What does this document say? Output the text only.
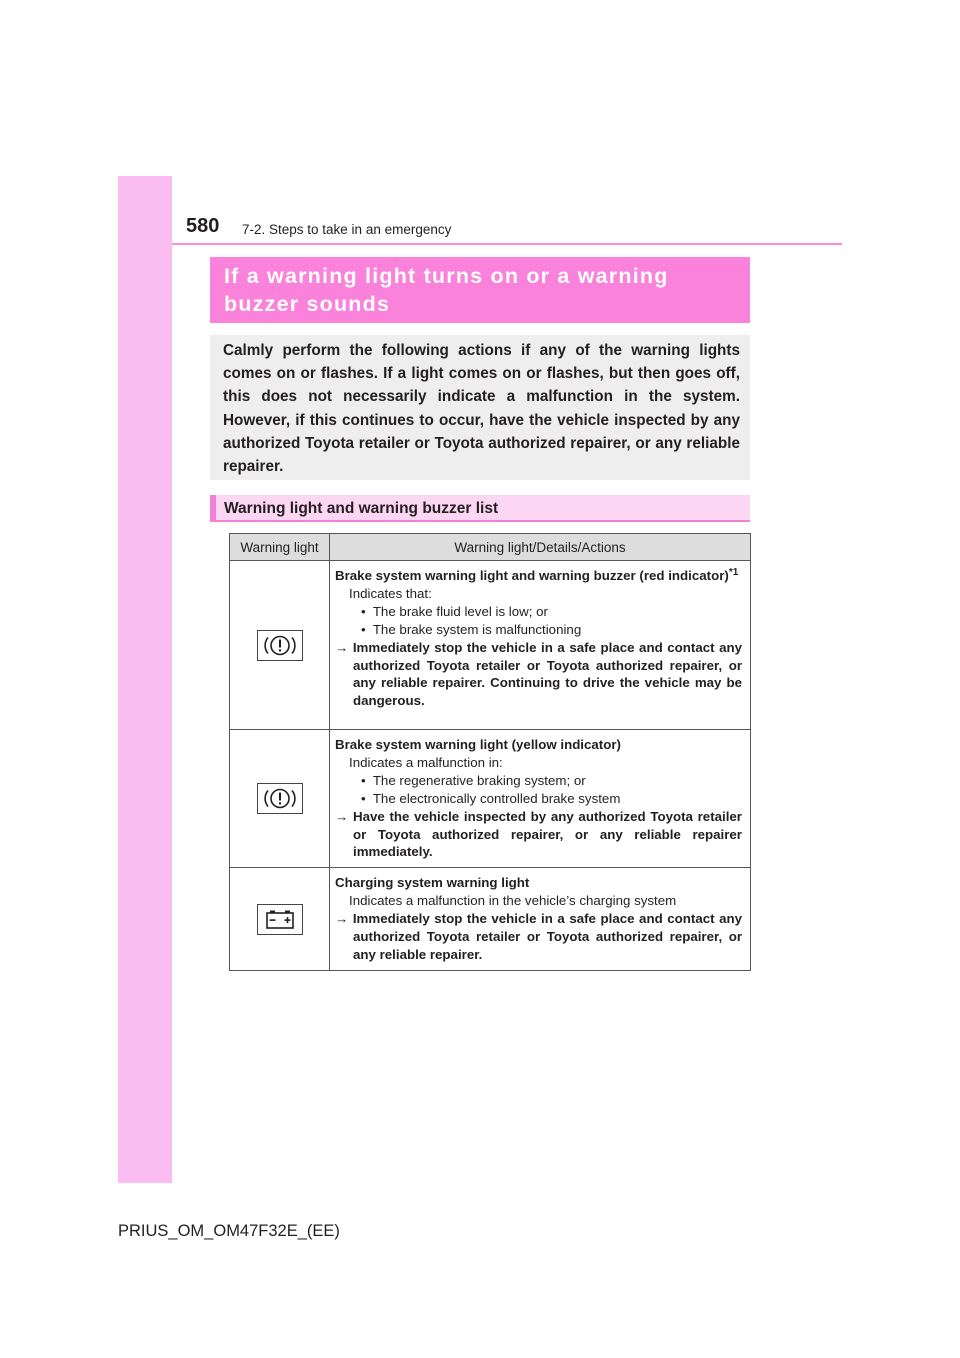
580 7-2. Steps to take in an emergency
If a warning light turns on or a warning
buzzer sounds

Calmly perform the following actions if any of the warning lights comes on or flashes. If a light comes on or flashes, but then goes off, this does not necessarily indicate a malfunction in the system. However, if this continues to occur, have the vehicle inspected by any authorized Toyota retailer or Toyota authorized repairer, or any reliable repairer.

Warning light and warning buzzer list
Warning light	Warning light/Details/Actions

Brake system warning light and warning buzzer (red indicator)$^{*1}$
Indicates that:
•  The brake fluid level is low; or
•  The brake system is malfunctioning
→ Immediately stop the vehicle in a safe place and contact any authorized Toyota retailer or Toyota authorized repairer, or any reliable repairer. Continuing to drive the vehicle may be dangerous.

Brake system warning light (yellow indicator)
Indicates a malfunction in:
•  The regenerative braking system; or
•  The electronically controlled brake system
→ Have the vehicle inspected by any authorized Toyota retailer or Toyota authorized repairer, or any reliable repairer immediately.

Charging system warning light
Indicates a malfunction in the vehicle’s charging system
→ Immediately stop the vehicle in a safe place and contact any authorized Toyota retailer or Toyota authorized repairer, or any reliable repairer.
PRIUS_OM_OM47F32E_(EE)
